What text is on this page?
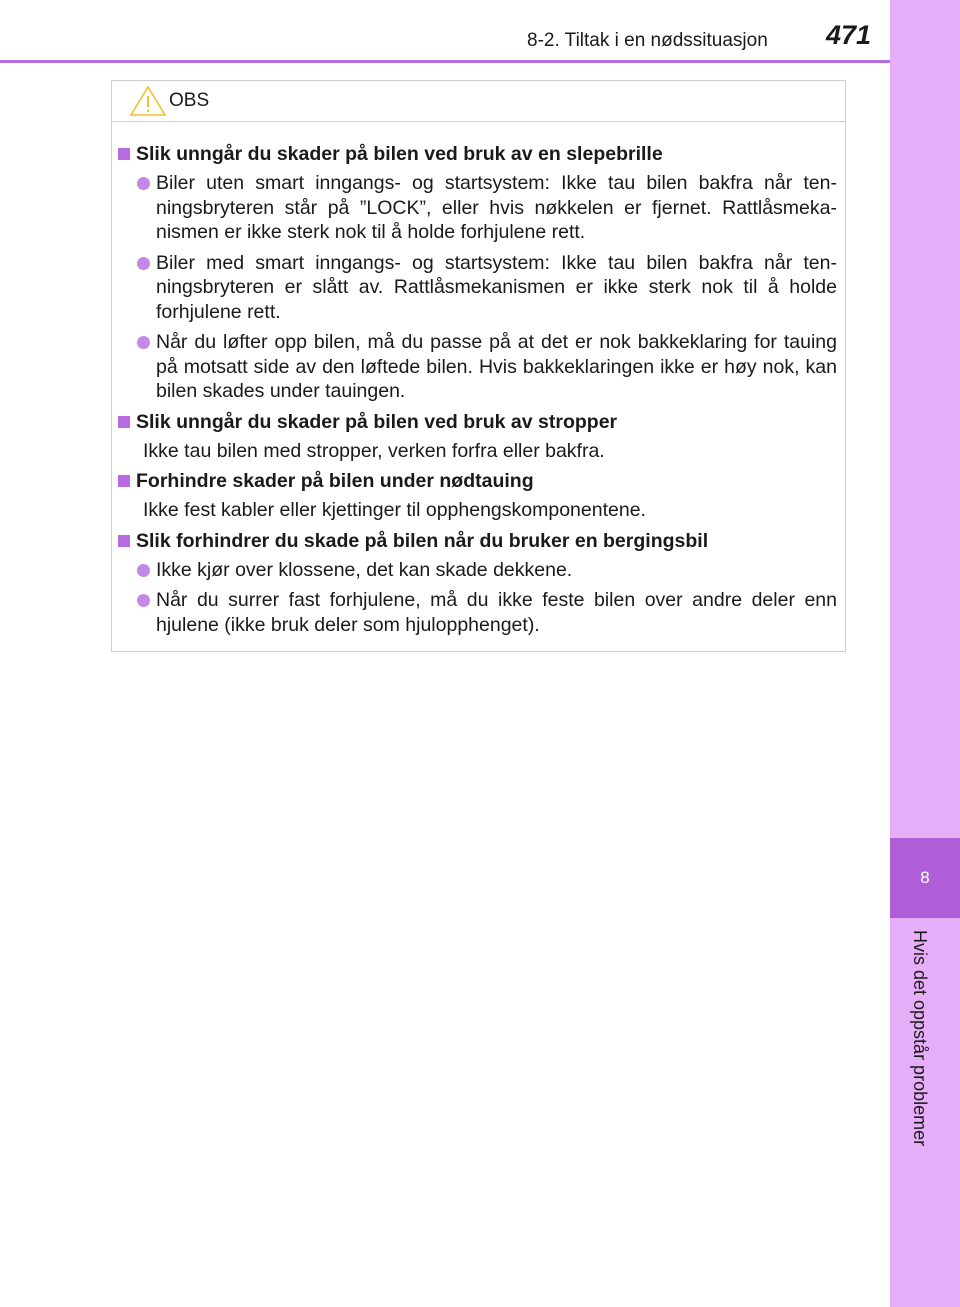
8
Hvis det oppstår problemer
8-2. Tiltak i en nødssituasjon 471
OBS
Slik unngår du skader på bilen ved bruk av en slepebrille
Biler uten smart inngangs- og startsystem: Ikke tau bilen bakfra når ten-ningsbryteren står på ”LOCK”, eller hvis nøkkelen er fjernet. Rattlåsmeka-nismen er ikke sterk nok til å holde forhjulene rett.
Biler med smart inngangs- og startsystem: Ikke tau bilen bakfra når ten-ningsbryteren er slått av. Rattlåsmekanismen er ikke sterk nok til å holde forhjulene rett.
Når du løfter opp bilen, må du passe på at det er nok bakkeklaring for tauing på motsatt side av den løftede bilen. Hvis bakkeklaringen ikke er høy nok, kan bilen skades under tauingen.
Slik unngår du skader på bilen ved bruk av stropper
Ikke tau bilen med stropper, verken forfra eller bakfra.
Forhindre skader på bilen under nødtauing
Ikke fest kabler eller kjettinger til opphengskomponentene.
Slik forhindrer du skade på bilen når du bruker en bergingsbil
Ikke kjør over klossene, det kan skade dekkene.
Når du surrer fast forhjulene, må du ikke feste bilen over andre deler enn hjulene (ikke bruk deler som hjulopphenget).
